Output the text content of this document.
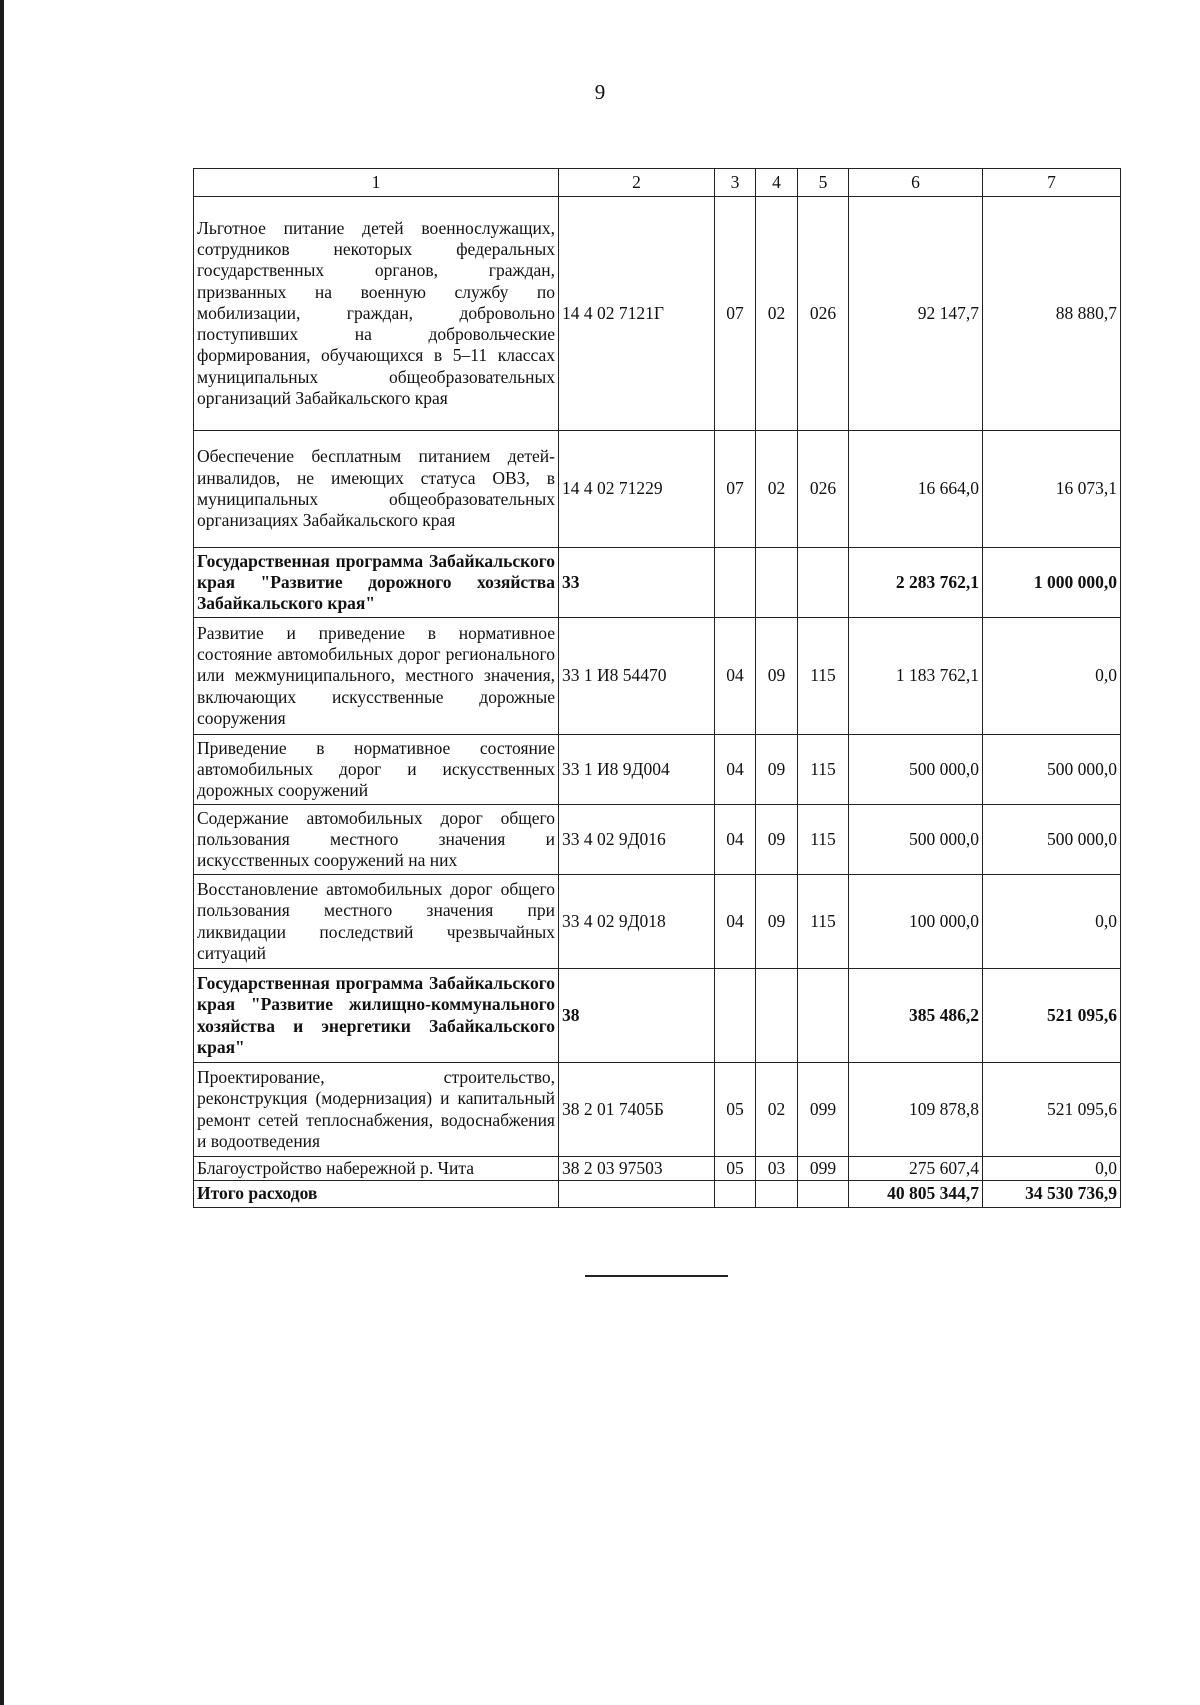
9
1	2	3	4	5	6	7
Льготное питание детей военнослужащих, сотрудников некоторых федеральных государственных органов, граждан, призванных на военную службу по мобилизации, граждан, добровольно поступивших на добровольческие формирования, обучающихся в 5–11 классах муниципальных общеобразовательных организаций Забайкальского края	14 4 02 7121Г	07	02	026	92 147,7	88 880,7
Обеспечение бесплатным питанием детей-инвалидов, не имеющих статуса ОВЗ, в муниципальных общеобразовательных организациях Забайкальского края	14 4 02 71229	07	02	026	16 664,0	16 073,1
Государственная программа Забайкальского края "Развитие дорожного хозяйства Забайкальского края"	33				2 283 762,1	1 000 000,0
Развитие и приведение в нормативное состояние автомобильных дорог регионального или межмуниципального, местного значения, включающих искусственные дорожные сооружения	33 1 И8 54470	04	09	115	1 183 762,1	0,0
Приведение в нормативное состояние автомобильных дорог и искусственных дорожных сооружений	33 1 И8 9Д004	04	09	115	500 000,0	500 000,0
Содержание автомобильных дорог общего пользования местного значения и искусственных сооружений на них	33 4 02 9Д016	04	09	115	500 000,0	500 000,0
Восстановление автомобильных дорог общего пользования местного значения при ликвидации последствий чрезвычайных ситуаций	33 4 02 9Д018	04	09	115	100 000,0	0,0
Государственная программа Забайкальского края "Развитие жилищно-коммунального хозяйства и энергетики Забайкальского края"	38				385 486,2	521 095,6
Проектирование, строительство, реконструкция (модернизация) и капитальный ремонт сетей теплоснабжения, водоснабжения и водоотведения	38 2 01 7405Б	05	02	099	109 878,8	521 095,6
Благоустройство набережной р. Чита	38 2 03 97503	05	03	099	275 607,4	0,0
Итого расходов					40 805 344,7	34 530 736,9
